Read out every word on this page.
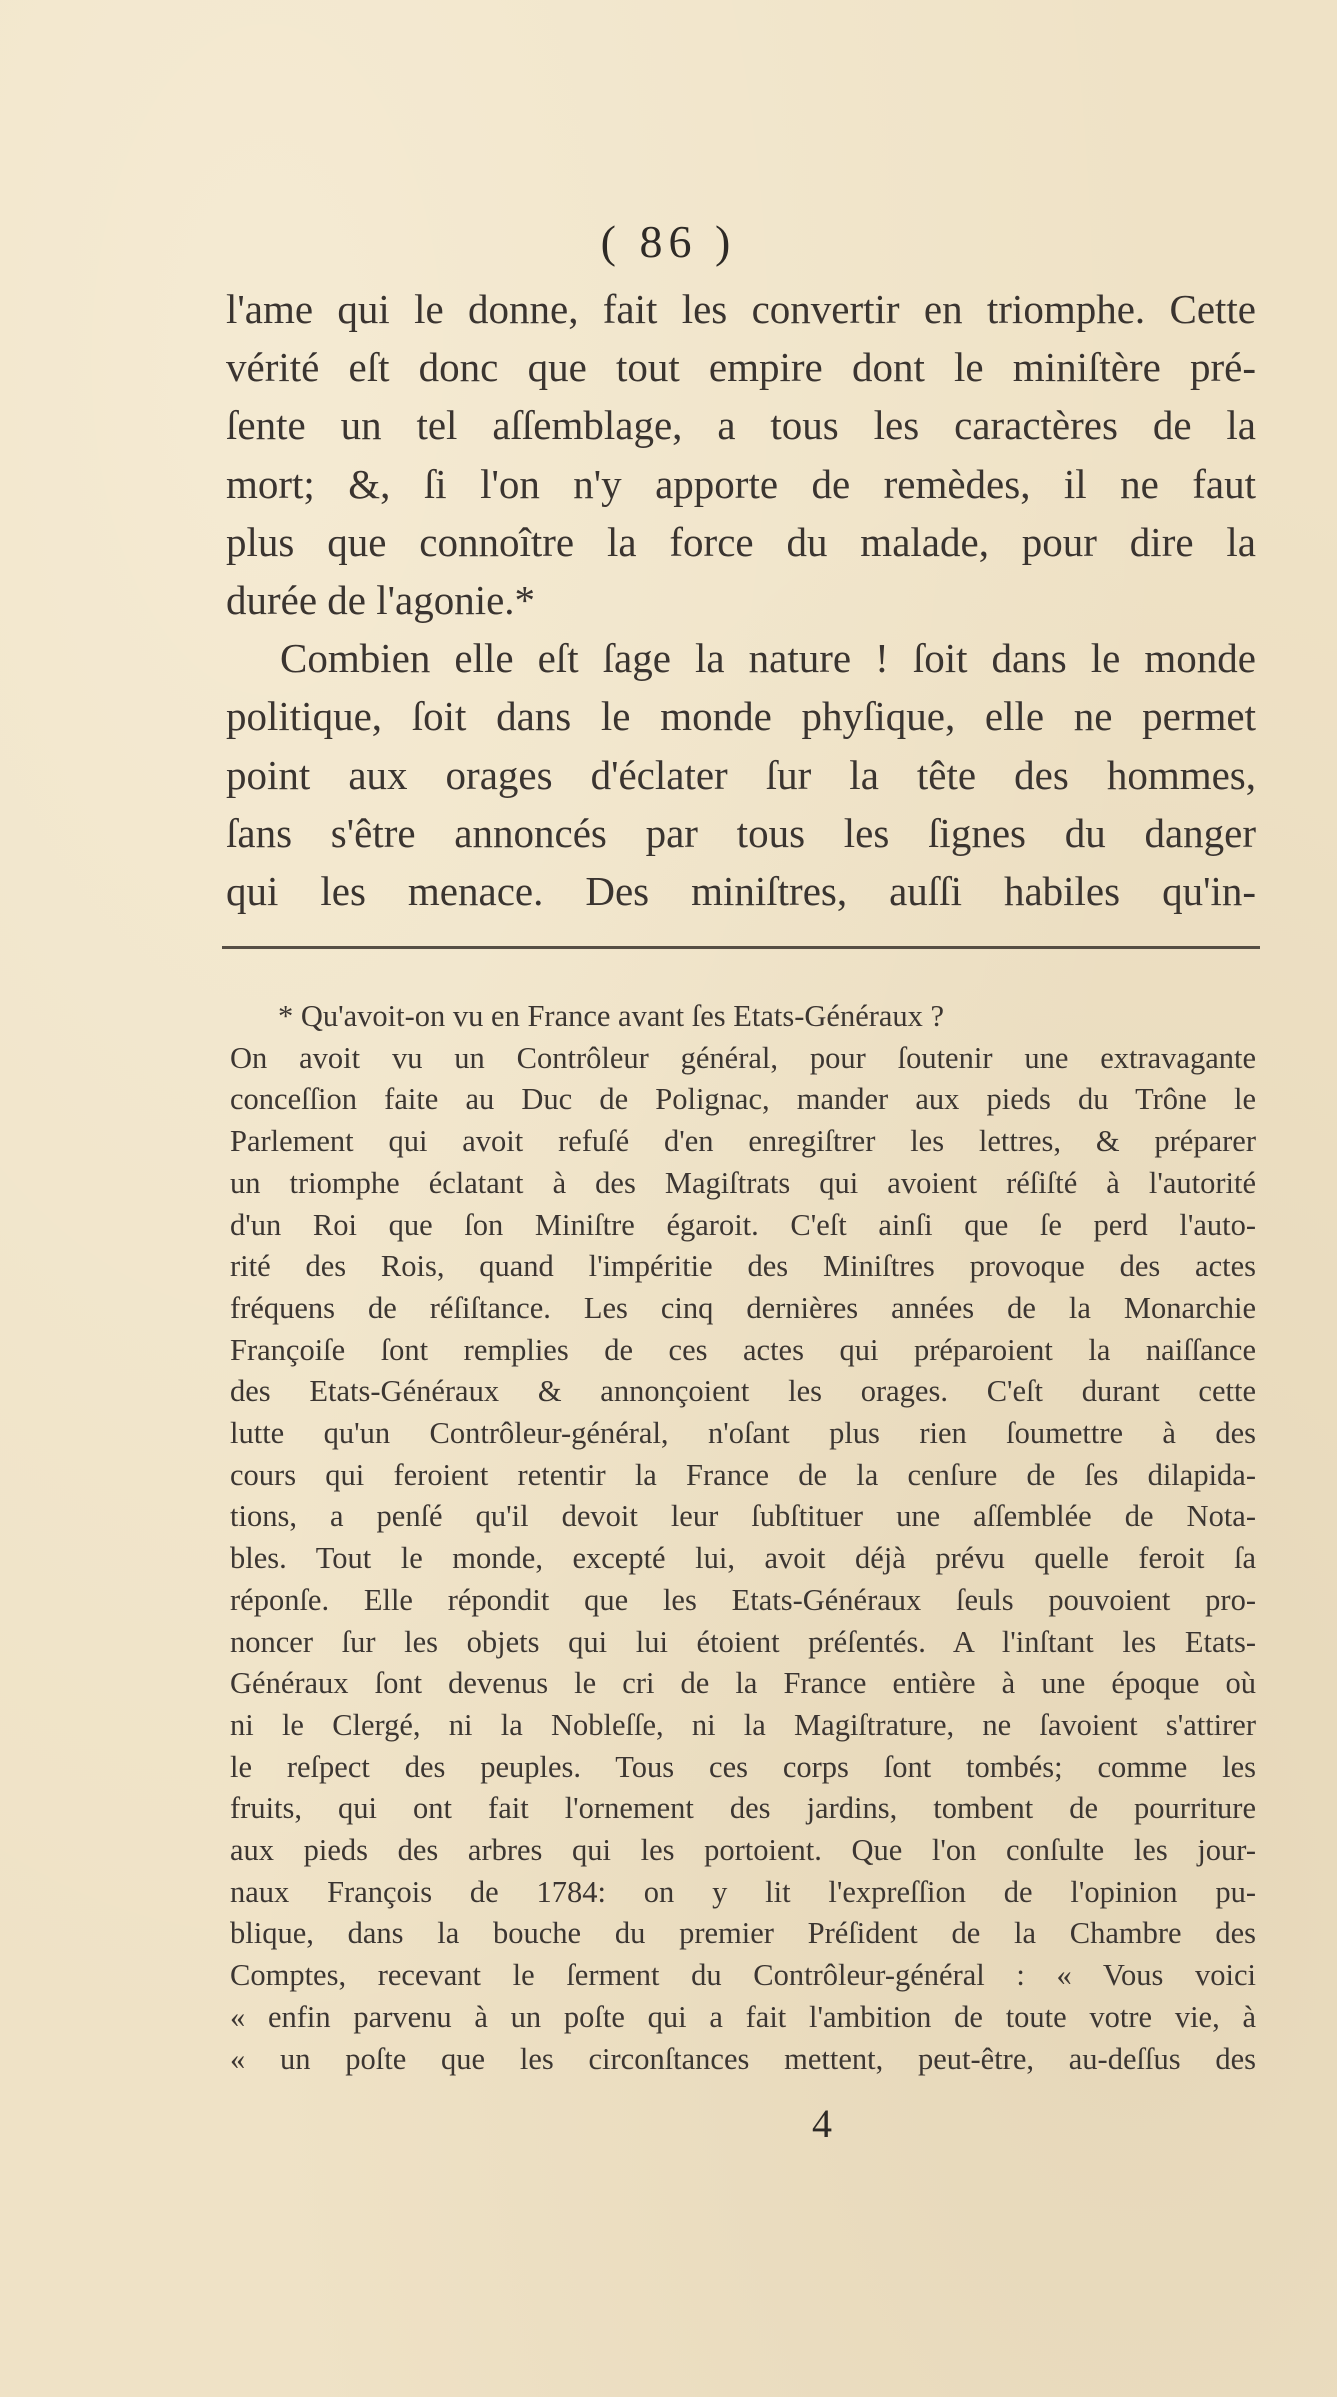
( 86 )
l'ame qui le donne, fait les convertir en triomphe. Cette
vérité eſt donc que tout empire dont le miniſtère pré-
ſente un tel aſſemblage, a tous les caractères de la
mort; &, ſi l'on n'y apporte de remèdes, il ne faut
plus que connoître la force du malade, pour dire la
durée de l'agonie.*
Combien elle eſt ſage la nature ! ſoit dans le monde
politique, ſoit dans le monde phyſique, elle ne permet
point aux orages d'éclater ſur la tête des hommes,
ſans s'être annoncés par tous les ſignes du danger
qui les menace. Des miniſtres, auſſi habiles qu'in-
* Qu'avoit-on vu en France avant ſes Etats-Généraux ?
On avoit vu un Contrôleur général, pour ſoutenir une extravagante
conceſſion faite au Duc de Polignac, mander aux pieds du Trône le
Parlement qui avoit refuſé d'en enregiſtrer les lettres, & préparer
un triomphe éclatant à des Magiſtrats qui avoient réſiſté à l'autorité
d'un Roi que ſon Miniſtre égaroit. C'eſt ainſi que ſe perd l'auto-
rité des Rois, quand l'impéritie des Miniſtres provoque des actes
fréquens de réſiſtance. Les cinq dernières années de la Monarchie
Françoiſe ſont remplies de ces actes qui préparoient la naiſſance
des Etats-Généraux & annonçoient les orages. C'eſt durant cette
lutte qu'un Contrôleur-général, n'oſant plus rien ſoumettre à des
cours qui feroient retentir la France de la cenſure de ſes dilapida-
tions, a penſé qu'il devoit leur ſubſtituer une aſſemblée de Nota-
bles. Tout le monde, excepté lui, avoit déjà prévu quelle feroit ſa
réponſe. Elle répondit que les Etats-Généraux ſeuls pouvoient pro-
noncer ſur les objets qui lui étoient préſentés. A l'inſtant les Etats-
Généraux ſont devenus le cri de la France entière à une époque où
ni le Clergé, ni la Nobleſſe, ni la Magiſtrature, ne ſavoient s'attirer
le reſpect des peuples. Tous ces corps ſont tombés; comme les
fruits, qui ont fait l'ornement des jardins, tombent de pourriture
aux pieds des arbres qui les portoient. Que l'on conſulte les jour-
naux François de 1784: on y lit l'expreſſion de l'opinion pu-
blique, dans la bouche du premier Préſident de la Chambre des
Comptes, recevant le ſerment du Contrôleur-général : « Vous voici
« enfin parvenu à un poſte qui a fait l'ambition de toute votre vie, à
« un poſte que les circonſtances mettent, peut-être, au-deſſus des
4
